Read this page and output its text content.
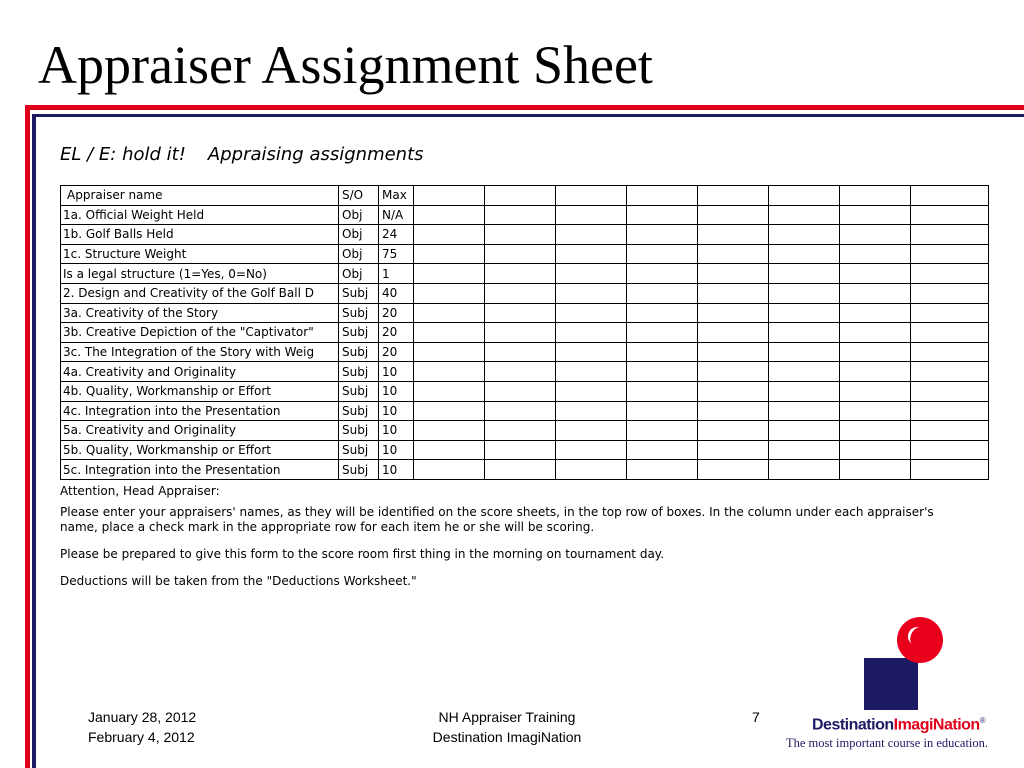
Appraiser Assignment Sheet
EL / E: hold it! Appraising assignments
Appraiser name	S/O	Max								
1a. Official Weight Held	Obj	N/A								
1b. Golf Balls Held	Obj	24								
1c. Structure Weight	Obj	75								
Is a legal structure (1=Yes, 0=No)	Obj	1								
2. Design and Creativity of the Golf Ball D	Subj	40								
3a. Creativity of the Story	Subj	20								
3b. Creative Depiction of the "Captivator"	Subj	20								
3c. The Integration of the Story with Weig	Subj	20								
4a. Creativity and Originality	Subj	10								
4b. Quality, Workmanship or Effort	Subj	10								
4c. Integration into the Presentation	Subj	10								
5a. Creativity and Originality	Subj	10								
5b. Quality, Workmanship or Effort	Subj	10								
5c. Integration into the Presentation	Subj	10								

Attention, Head Appraiser:

Please enter your appraisers' names, as they will be identified on the score sheets, in the top row of boxes. In the column under each appraiser's name, place a check mark in the appropriate row for each item he or she will be scoring.

Please be prepared to give this form to the score room first thing in the morning on tournament day.

Deductions will be taken from the "Deductions Worksheet."

January 28, 2012
February 4, 2012
NH Appraiser Training
Destination ImagiNation
7	DestinationImagiNation®
The most important course in education.
